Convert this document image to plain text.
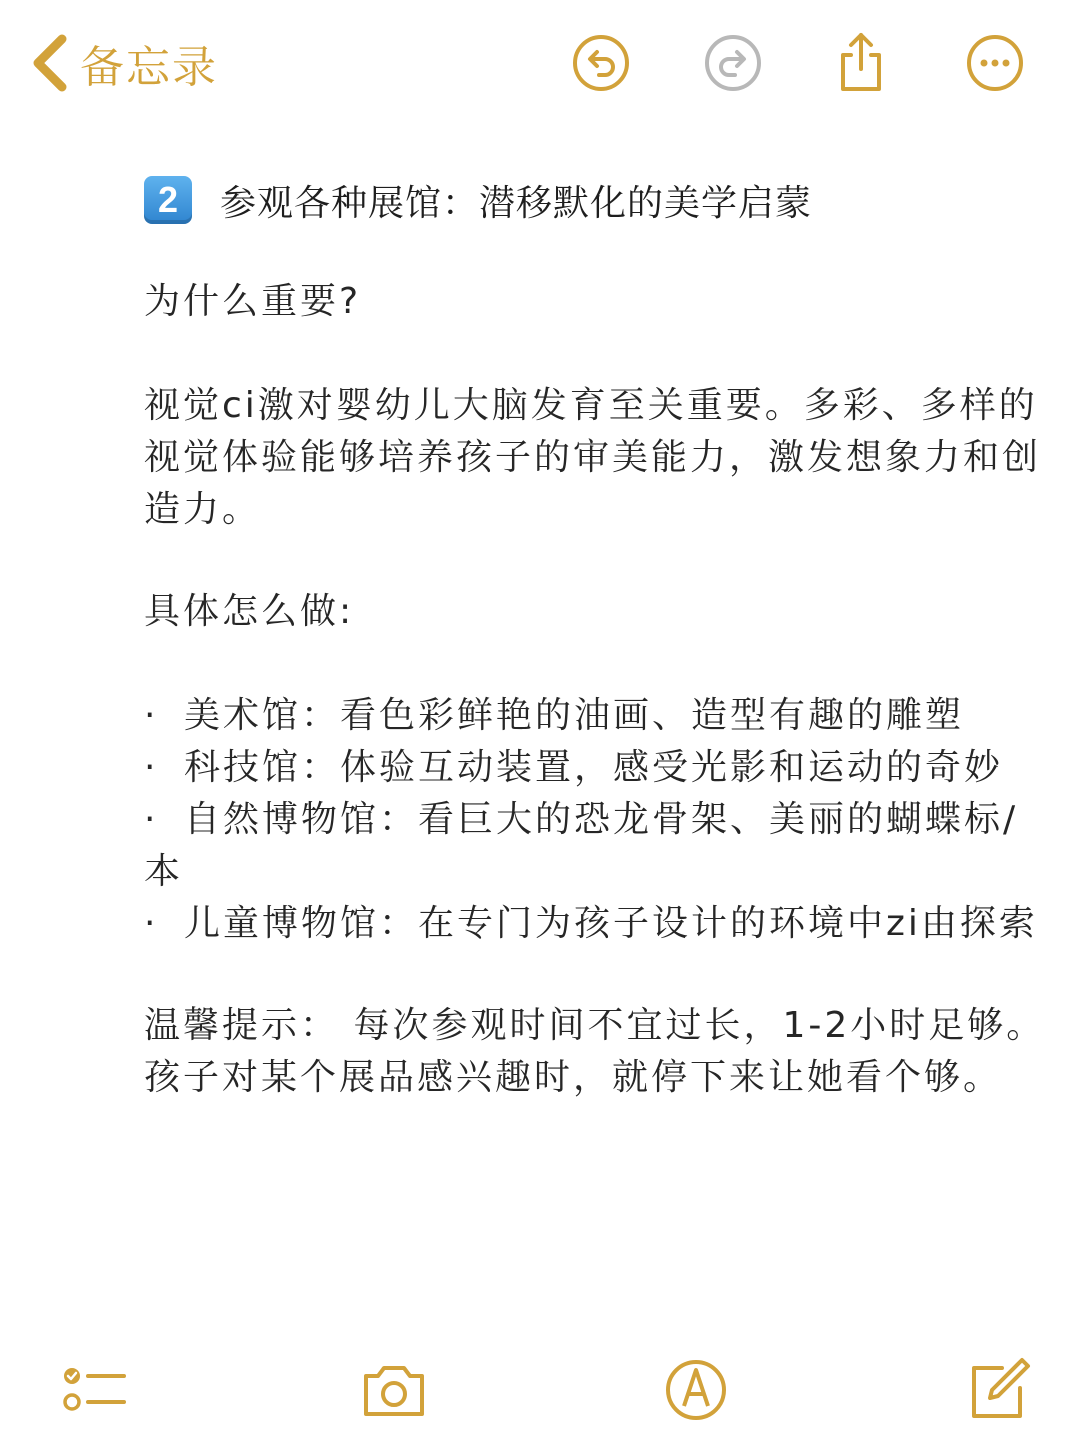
备忘录
2	参观各种展馆：潜移默化的美学启蒙
为什么重要?
视觉ci激对婴幼儿大脑发育至关重要。多彩、多样的
视觉体验能够培养孩子的审美能力，激发想象力和创
造力。
具体怎么做:
· 美术馆：看色彩鲜艳的油画、造型有趣的雕塑
· 科技馆：体验互动装置，感受光影和运动的奇妙
· 自然博物馆：看巨大的恐龙骨架、美丽的蝴蝶标/
本
· 儿童博物馆：在专门为孩子设计的环境中zi由探索
温馨提示： 每次参观时间不宜过长，1-2小时足够。
孩子对某个展品感兴趣时，就停下来让她看个够。
